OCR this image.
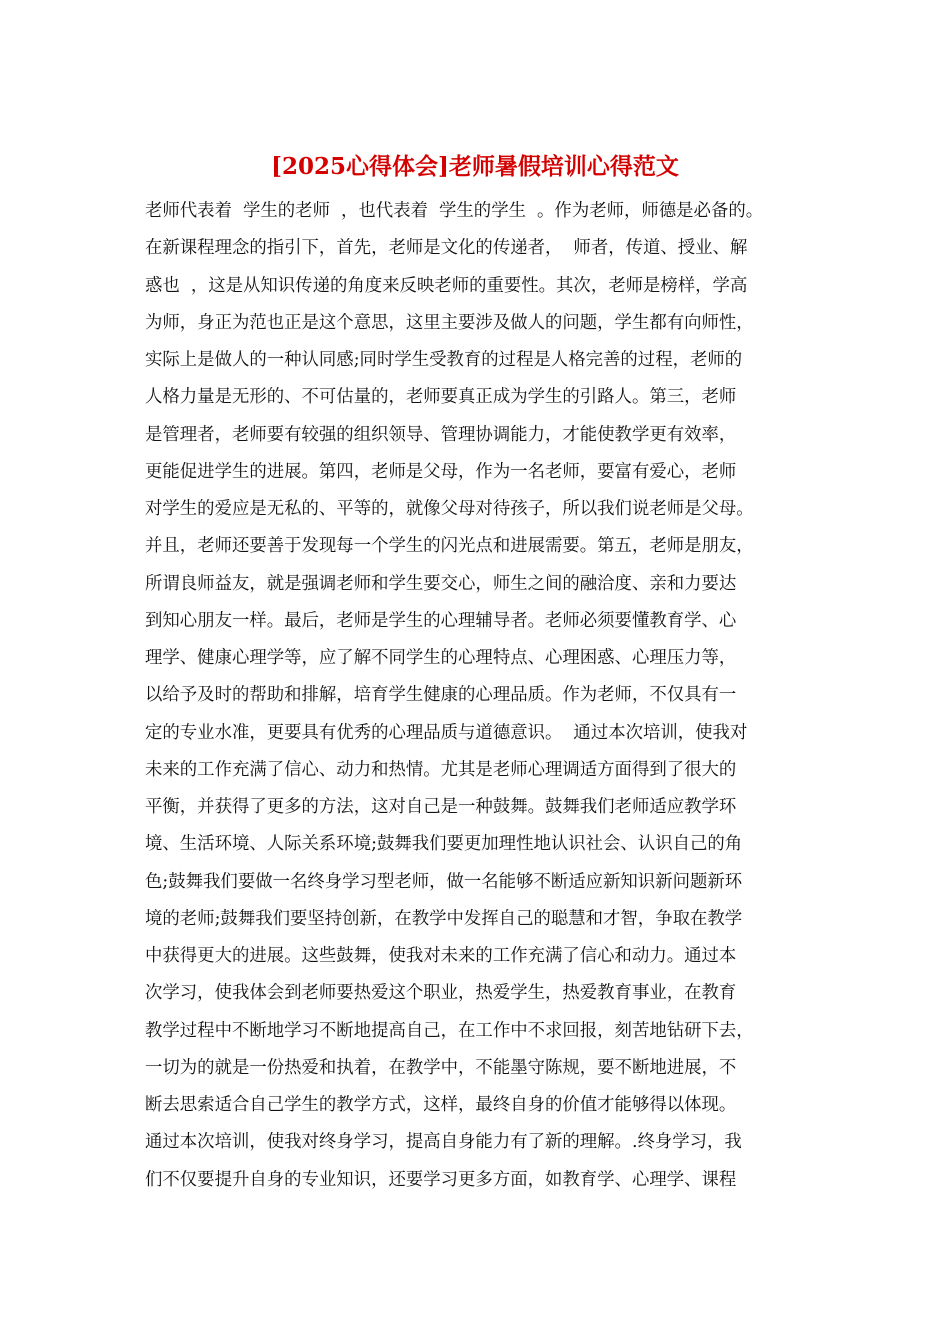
[2025心得体会]老师暑假培训心得范文
老师代表着  学生的老师  ，也代表着  学生的学生  。作为老师，师德是必备的。
在新课程理念的指引下，首先，老师是文化的传递者，  师者，传道、授业、解
惑也  ，这是从知识传递的角度来反映老师的重要性。其次，老师是榜样，学高
为师，身正为范也正是这个意思，这里主要涉及做人的问题，学生都有向师性，
实际上是做人的一种认同感;同时学生受教育的过程是人格完善的过程，老师的
人格力量是无形的、不可估量的，老师要真正成为学生的引路人。第三，老师
是管理者，老师要有较强的组织领导、管理协调能力，才能使教学更有效率，
更能促进学生的进展。第四，老师是父母，作为一名老师，要富有爱心，老师
对学生的爱应是无私的、平等的，就像父母对待孩子，所以我们说老师是父母。
并且，老师还要善于发现每一个学生的闪光点和进展需要。第五，老师是朋友，
所谓良师益友，就是强调老师和学生要交心，师生之间的融洽度、亲和力要达
到知心朋友一样。最后，老师是学生的心理辅导者。老师必须要懂教育学、心
理学、健康心理学等，应了解不同学生的心理特点、心理困惑、心理压力等，
以给予及时的帮助和排解，培育学生健康的心理品质。作为老师，不仅具有一
定的专业水准，更要具有优秀的心理品质与道德意识。  通过本次培训，使我对
未来的工作充满了信心、动力和热情。尤其是老师心理调适方面得到了很大的
平衡，并获得了更多的方法，这对自己是一种鼓舞。鼓舞我们老师适应教学环
境、生活环境、人际关系环境;鼓舞我们要更加理性地认识社会、认识自己的角
色;鼓舞我们要做一名终身学习型老师，做一名能够不断适应新知识新问题新环
境的老师;鼓舞我们要坚持创新，在教学中发挥自己的聪慧和才智，争取在教学
中获得更大的进展。这些鼓舞，使我对未来的工作充满了信心和动力。通过本
次学习，使我体会到老师要热爱这个职业，热爱学生，热爱教育事业，在教育
教学过程中不断地学习不断地提高自己，在工作中不求回报，刻苦地钻研下去，
一切为的就是一份热爱和执着，在教学中，不能墨守陈规，要不断地进展，不
断去思索适合自己学生的教学方式，这样，最终自身的价值才能够得以体现。
通过本次培训，使我对终身学习，提高自身能力有了新的理解。.终身学习，我
们不仅要提升自身的专业知识，还要学习更多方面，如教育学、心理学、课程
